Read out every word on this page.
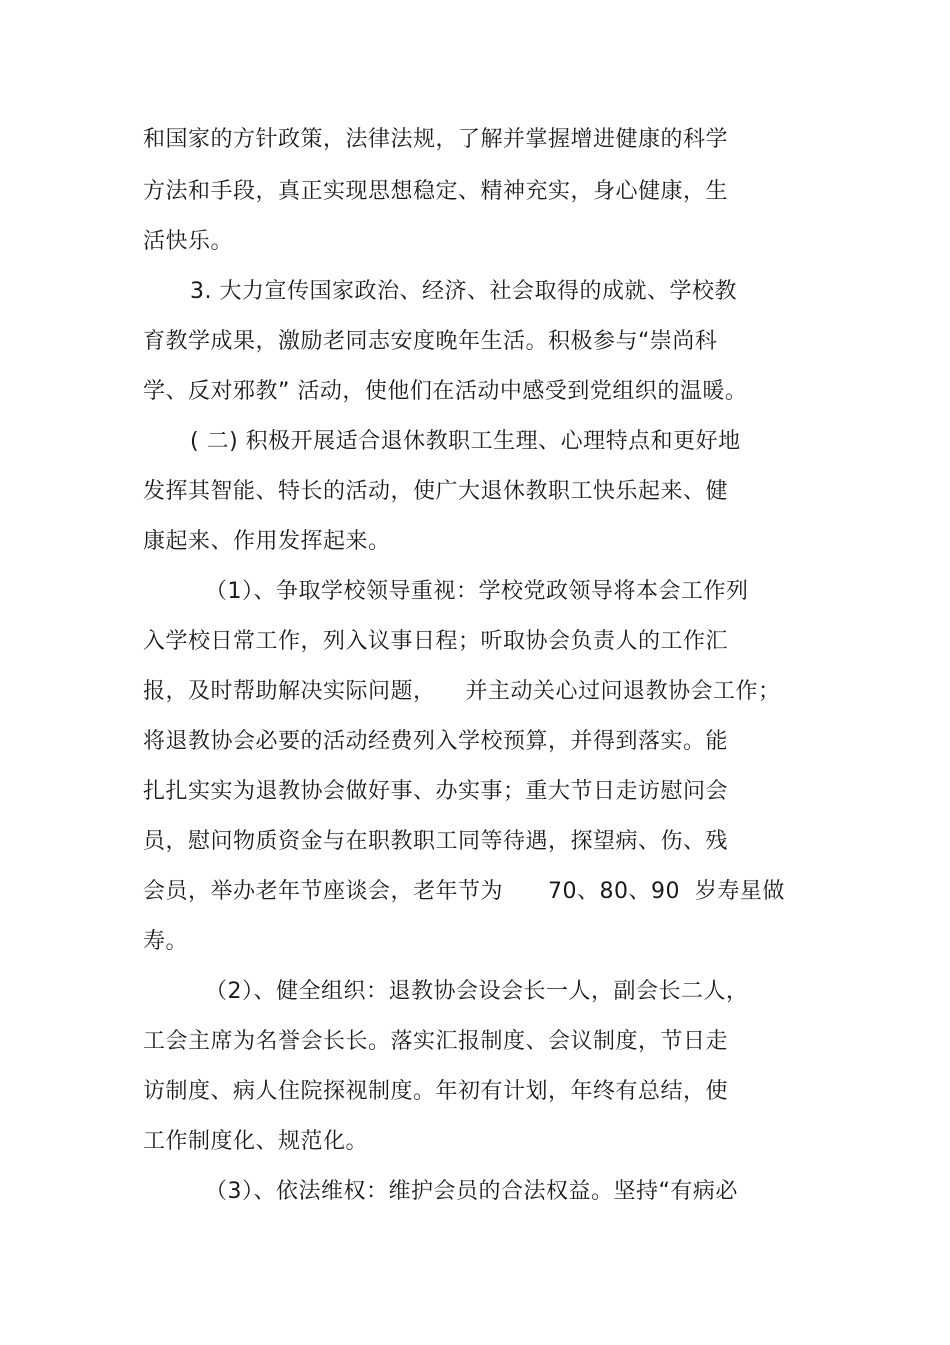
和国家的方针政策，法律法规，了解并掌握增进健康的科学
方法和手段，真正实现思想稳定、精神充实，身心健康，生
活快乐。
3. 大力宣传国家政治、经济、社会取得的成就、学校教
育教学成果，激励老同志安度晚年生活。积极参与“崇尚科
学、反对邪教” 活动，使他们在活动中感受到党组织的温暖。
( 二) 积极开展适合退休教职工生理、心理特点和更好地
发挥其智能、特长的活动，使广大退休教职工快乐起来、健
康起来、作用发挥起来。
（1）、争取学校领导重视：学校党政领导将本会工作列
入学校日常工作，列入议事日程；听取协会负责人的工作汇
报，及时帮助解决实际问题，    并主动关心过问退教协会工作；
将退教协会必要的活动经费列入学校预算，并得到落实。能
扎扎实实为退教协会做好事、办实事；重大节日走访慰问会
员，慰问物质资金与在职教职工同等待遇，探望病、伤、残
会员，举办老年节座谈会，老年节为      70、80、90  岁寿星做
寿。
（2）、健全组织：退教协会设会长一人，副会长二人，
工会主席为名誉会长长。落实汇报制度、会议制度，节日走
访制度、病人住院探视制度。年初有计划，年终有总结，使
工作制度化、规范化。
（3）、依法维权：维护会员的合法权益。坚持“有病必
